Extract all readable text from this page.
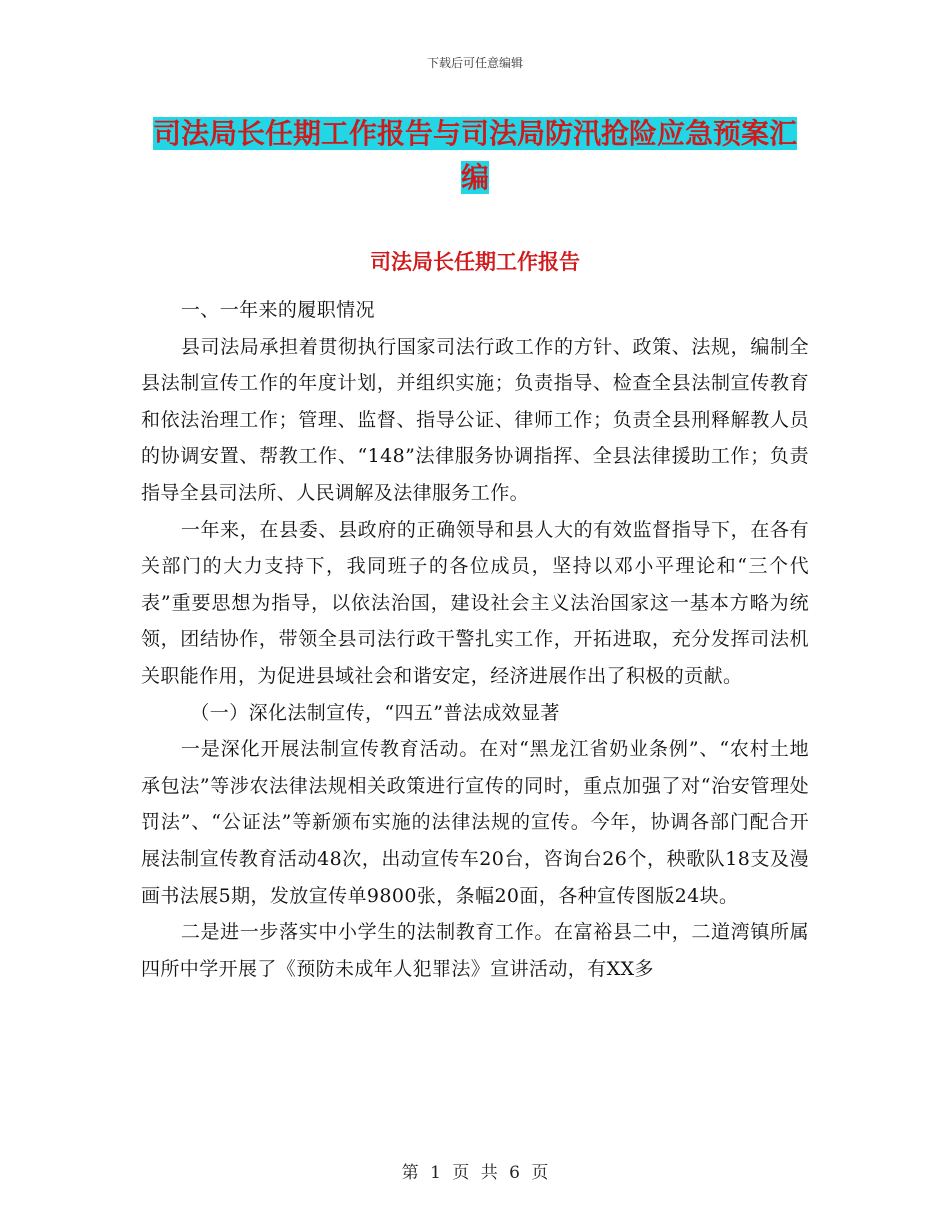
下载后可任意编辑
司法局长任期工作报告与司法局防汛抢险应急预案汇
编
司法局长任期工作报告

一、一年来的履职情况

县司法局承担着贯彻执行国家司法行政工作的方针、政策、法规，编制全县法制宣传工作的年度计划，并组织实施；负责指导、检查全县法制宣传教育和依法治理工作；管理、监督、指导公证、律师工作；负责全县刑释解教人员的协调安置、帮教工作、“148”法律服务协调指挥、全县法律援助工作；负责指导全县司法所、人民调解及法律服务工作。

一年来，在县委、县政府的正确领导和县人大的有效监督指导下，在各有关部门的大力支持下，我同班子的各位成员，坚持以邓小平理论和“三个代表”重要思想为指导，以依法治国，建设社会主义法治国家这一基本方略为统领，团结协作，带领全县司法行政干警扎实工作，开拓进取，充分发挥司法机关职能作用，为促进县域社会和谐安定，经济进展作出了积极的贡献。

（一）深化法制宣传，“四五”普法成效显著

一是深化开展法制宣传教育活动。在对“黑龙江省奶业条例”、“农村土地承包法”等涉农法律法规相关政策进行宣传的同时，重点加强了对“治安管理处罚法”、“公证法”等新颁布实施的法律法规的宣传。今年，协调各部门配合开展法制宣传教育活动48次，出动宣传车20台，咨询台26个，秧歌队18支及漫画书法展5期，发放宣传单9800张，条幅20面，各种宣传图版24块。

二是进一步落实中小学生的法制教育工作。在富裕县二中，二道湾镇所属四所中学开展了《预防未成年人犯罪法》宣讲活动，有XX多

第 1 页 共 6 页
